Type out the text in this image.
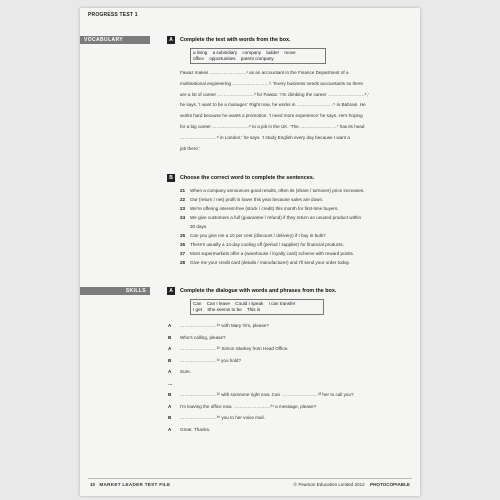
PROGRESS TEST 1
VOCABULARY	A	Complete the text with words from the box.
a living a subsidiary company ladder move
office opportunities parent company
Fawaz makes ……………………¹ as an accountant in the Finance Department of a
multinational engineering ……………………². 'Every business needs accountants so there
are a lot of career ……………………³ for Fawaz. 'I'm climbing the career ……………………⁴,'
he says. 'I want to be a manager.' Right now, he works in ……………………⁵ in Bahrain. He
works hard because he wants a promotion. 'I need more experience' he says. He's hoping
for a big career ……………………⁶ to a job in the UK. 'The ……………………⁷ has its head
……………………⁸ in London,' he says. 'I study English every day because I want a
job there.'
B	Choose the correct word to complete the sentences.
21 When a company announces good results, often its (share / turnover) price increases.
22 Our (return / net) profit is lower this year because sales are down.
23 We're offering interest-free (stock / credit) this month for first-time buyers.
24 We give customers a full (guarantee / refund) if they return an unused product within
30 days.
25 Can you give me a 10 per cent (discount / delivery) if I buy in bulk?
26 There's usually a 14-day cooling off (period / supplier) for financial products.
27 Most supermarkets offer a (warehouse / loyalty card) scheme with reward points.
28 Give me your credit card (details / manufacturer) and I'll send your order today.
SKILLS	A	Complete the dialogue with words and phrases from the box.
Can Can I leave Could I speak I can transfer
I get She seems to be This is
A ……………………²⁹ with Mary Yim, please?
B Who's calling, please?
A ……………………³⁰ Simon Starkey from Head Office.
B ……………………³¹ you hold?
A Sure.
…
B ……………………³² with someone right now. Can ……………………³³ her to call you?
A I'm leaving the office now. ……………………³⁴ a message, please?
B ……………………³⁵ you to her voice mail.
A Great. Thanks.
10 MARKET LEADER TEST FILE	© Pearson Education Limited 2012 PHOTOCOPIABLE
